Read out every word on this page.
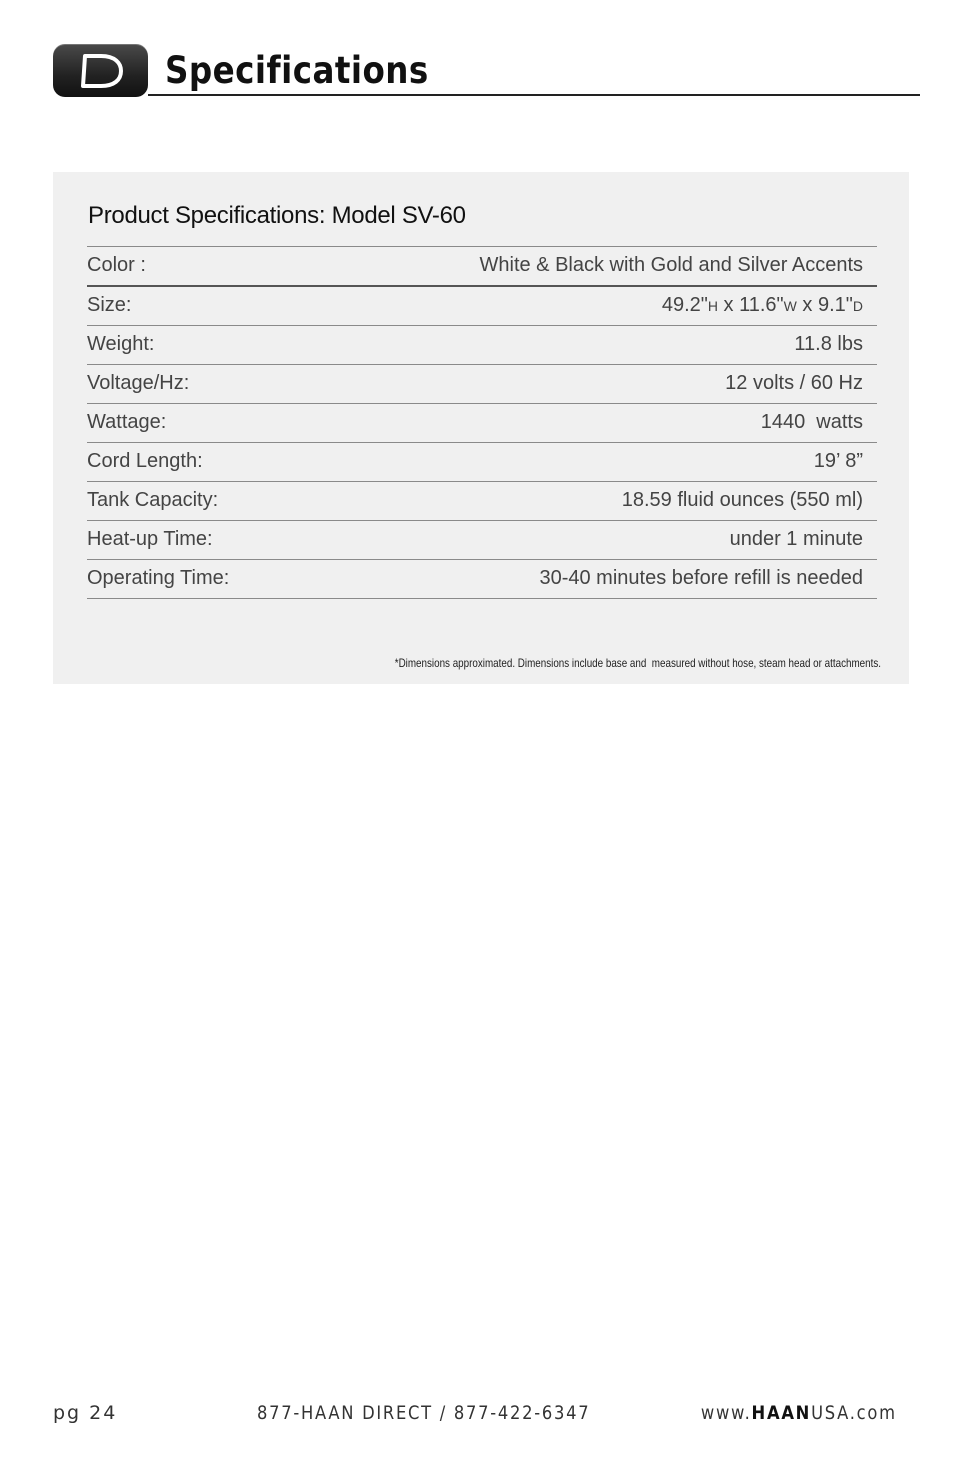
Specifications
Product Specifications: Model SV-60
Color :	White & Black with Gold and Silver Accents
Size:	49.2"H x 11.6"W x 9.1"D
Weight:	11.8 lbs
Voltage/Hz:	12 volts / 60 Hz
Wattage:	1440  watts
Cord Length:	19’ 8”
Tank Capacity:	18.59 fluid ounces (550 ml)
Heat-up Time:	under 1 minute
Operating Time:	30-40 minutes before refill is needed
*Dimensions approximated. Dimensions include base and  measured without hose, steam head or attachments.
pg 24	877-HAAN DIRECT / 877-422-6347	www.HAANUSA.com
